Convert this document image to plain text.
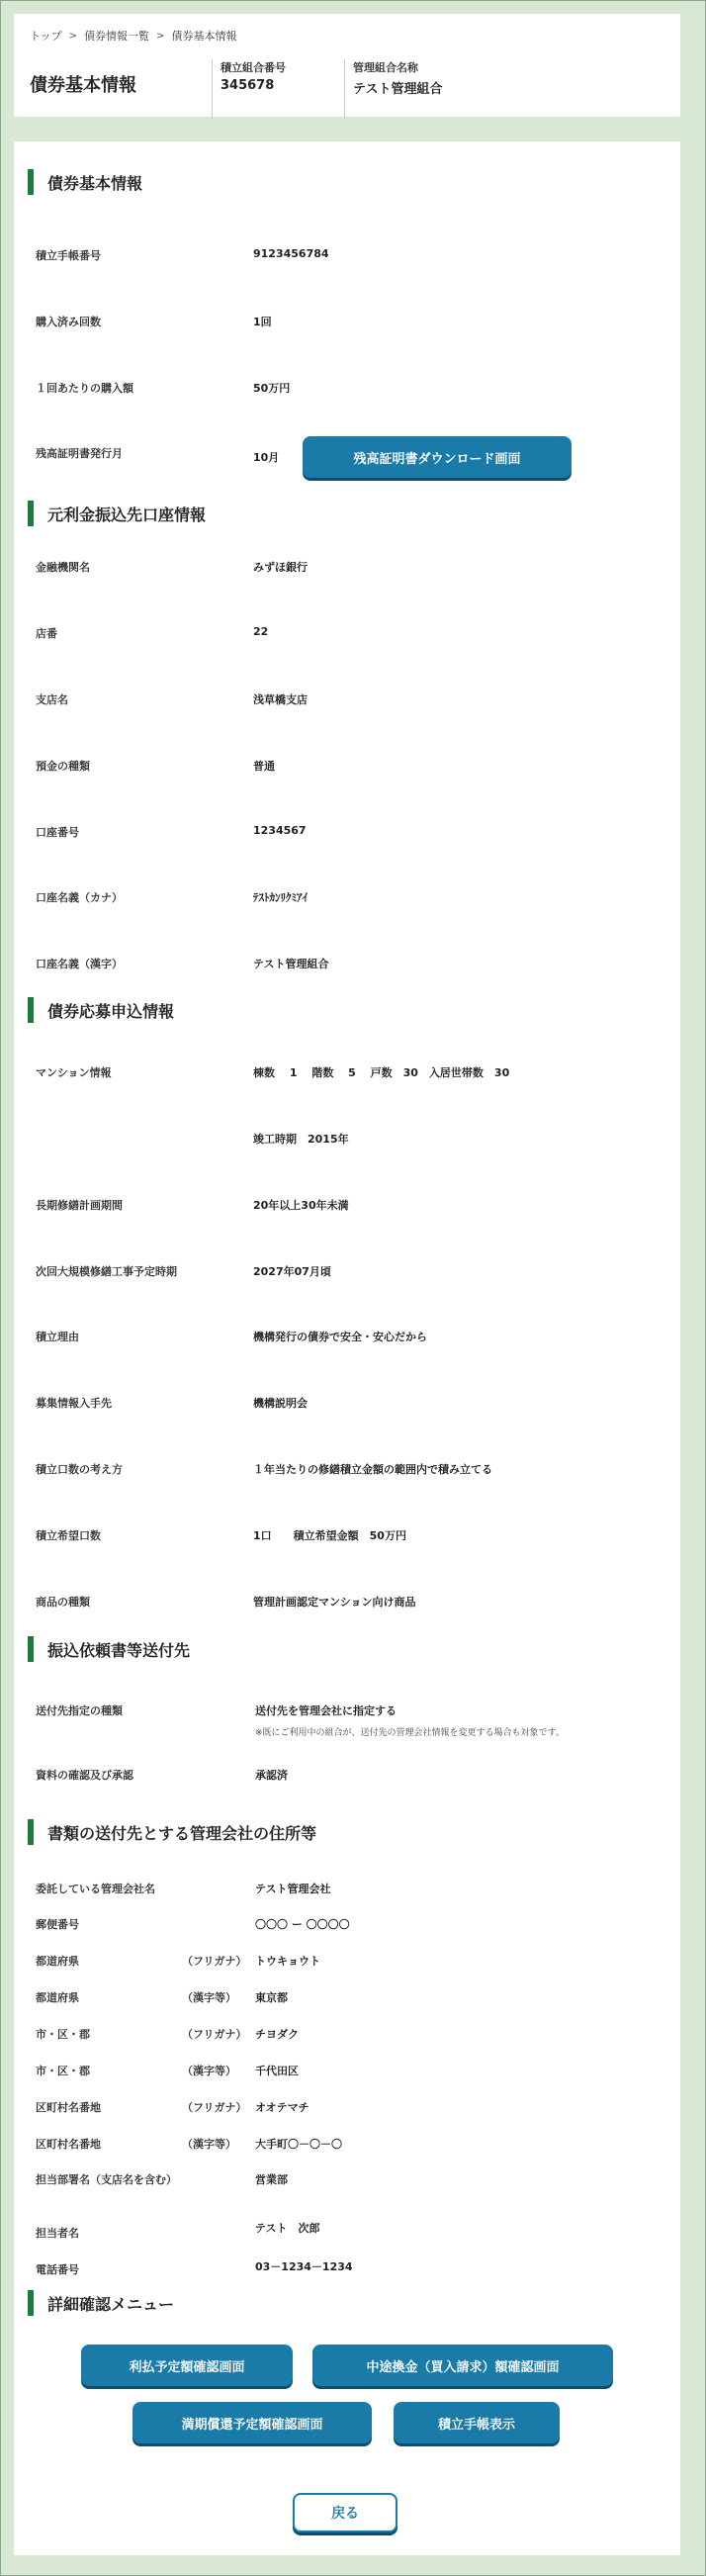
トップ > 債券情報一覧 > 債券基本情報
債券基本情報
積立組合番号
345678
管理組合名称
テスト管理組合
債券基本情報
積立手帳番号	9123456784
購入済み回数	1回
１回あたりの購入額	50万円
残高証明書発行月	10月	残高証明書ダウンロード画面
元利金振込先口座情報
金融機関名	みずほ銀行
店番	22
支店名	浅草橋支店
預金の種類	普通
口座番号	1234567
口座名義（カナ）	ﾃｽﾄｶﾝﾘｸﾐｱｲ
口座名義（漢字）	テスト管理組合
債券応募申込情報
マンション情報	棟数　 1　 階数　 5　 戸数　30　入居世帯数　30
竣工時期　2015年
長期修繕計画期間	20年以上30年未満
次回大規模修繕工事予定時期	2027年07月頃
積立理由	機構発行の債券で安全・安心だから
募集情報入手先	機構説明会
積立口数の考え方	１年当たりの修繕積立金額の範囲内で積み立てる
積立希望口数	1口　　積立希望金額　50万円
商品の種類	管理計画認定マンション向け商品
振込依頼書等送付先
送付先指定の種類	送付先を管理会社に指定する
※既にご利用中の組合が、送付先の管理会社情報を変更する場合も対象です。
資料の確認及び承認	承認済
書類の送付先とする管理会社の住所等
委託している管理会社名	テスト管理会社
郵便番号	〇〇〇 ー 〇〇〇〇
都道府県	（フリガナ） トウキョウト
都道府県	（漢字等） 東京都
市・区・郡	（フリガナ） チヨダク
市・区・郡	（漢字等） 千代田区
区町村名番地	（フリガナ） オオテマチ
区町村名番地	（漢字等） 大手町〇－〇－〇
担当部署名（支店名を含む）	営業部
担当者名	テスト　次郎
電話番号	03－1234－1234
詳細確認メニュー
利払予定額確認画面	中途換金（買入請求）額確認画面
満期償還予定額確認画面	積立手帳表示
戻る
